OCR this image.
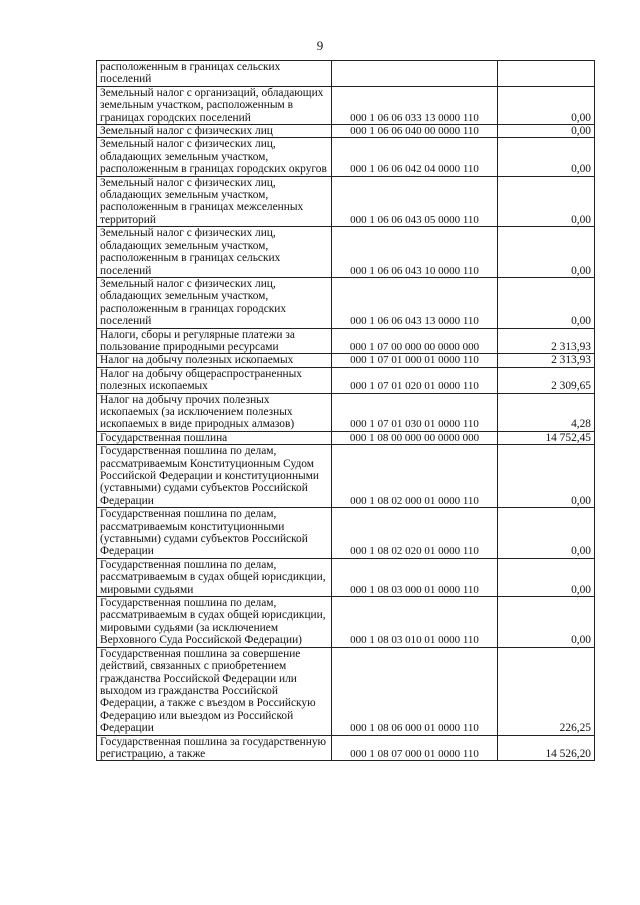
9
расположенным в границах сельских поселений		
Земельный налог с организаций, обладающих земельным участком, расположенным в границах городских поселений	000 1 06 06 033 13 0000 110	0,00
Земельный налог с физических лиц	000 1 06 06 040 00 0000 110	0,00
Земельный налог с физических лиц, обладающих земельным участком, расположенным в границах городских округов	000 1 06 06 042 04 0000 110	0,00
Земельный налог с физических лиц, обладающих земельным участком, расположенным в границах межселенных территорий	000 1 06 06 043 05 0000 110	0,00
Земельный налог с физических лиц, обладающих земельным участком, расположенным в границах сельских поселений	000 1 06 06 043 10 0000 110	0,00
Земельный налог с физических лиц, обладающих земельным участком, расположенным в границах городских поселений	000 1 06 06 043 13 0000 110	0,00
Налоги, сборы и регулярные платежи за пользование природными ресурсами	000 1 07 00 000 00 0000 000	2 313,93
Налог на добычу полезных ископаемых	000 1 07 01 000 01 0000 110	2 313,93
Налог на добычу общераспространенных полезных ископаемых	000 1 07 01 020 01 0000 110	2 309,65
Налог на добычу прочих полезных ископаемых (за исключением полезных ископаемых в виде природных алмазов)	000 1 07 01 030 01 0000 110	4,28
Государственная пошлина	000 1 08 00 000 00 0000 000	14 752,45
Государственная пошлина по делам, рассматриваемым Конституционным Судом Российской Федерации и конституционными (уставными) судами субъектов Российской Федерации	000 1 08 02 000 01 0000 110	0,00
Государственная пошлина по делам, рассматриваемым конституционными (уставными) судами субъектов Российской Федерации	000 1 08 02 020 01 0000 110	0,00
Государственная пошлина по делам, рассматриваемым в судах общей юрисдикции, мировыми судьями	000 1 08 03 000 01 0000 110	0,00
Государственная пошлина по делам, рассматриваемым в судах общей юрисдикции, мировыми судьями (за исключением Верховного Суда Российской Федерации)	000 1 08 03 010 01 0000 110	0,00
Государственная пошлина за совершение действий, связанных с приобретением гражданства Российской Федерации или выходом из гражданства Российской Федерации, а также с въездом в Российскую Федерацию или выездом из Российской Федерации	000 1 08 06 000 01 0000 110	226,25
Государственная пошлина за государственную регистрацию, а также	000 1 08 07 000 01 0000 110	14 526,20
